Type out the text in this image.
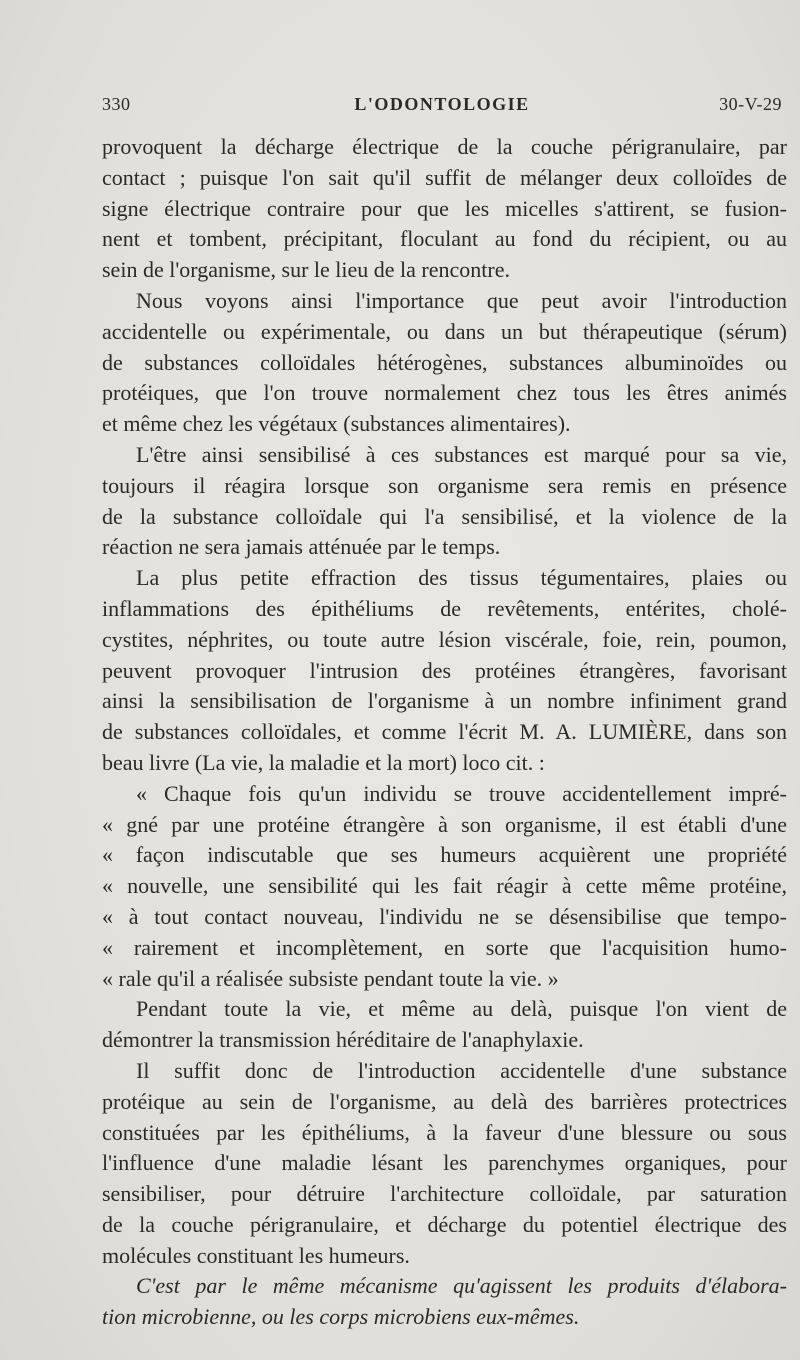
330	L'ODONTOLOGIE	30-V-29
provoquent la décharge électrique de la couche périgranulaire, par
contact ; puisque l'on sait qu'il suffit de mélanger deux colloïdes de
signe électrique contraire pour que les micelles s'attirent, se fusion-
nent et tombent, précipitant, floculant au fond du récipient, ou au
sein de l'organisme, sur le lieu de la rencontre.
Nous voyons ainsi l'importance que peut avoir l'introduction
accidentelle ou expérimentale, ou dans un but thérapeutique (sérum)
de substances colloïdales hétérogènes, substances albuminoïdes ou
protéiques, que l'on trouve normalement chez tous les êtres animés
et même chez les végétaux (substances alimentaires).
L'être ainsi sensibilisé à ces substances est marqué pour sa vie,
toujours il réagira lorsque son organisme sera remis en présence
de la substance colloïdale qui l'a sensibilisé, et la violence de la
réaction ne sera jamais atténuée par le temps.
La plus petite effraction des tissus tégumentaires, plaies ou
inflammations des épithéliums de revêtements, entérites, cholé-
cystites, néphrites, ou toute autre lésion viscérale, foie, rein, poumon,
peuvent provoquer l'intrusion des protéines étrangères, favorisant
ainsi la sensibilisation de l'organisme à un nombre infiniment grand
de substances colloïdales, et comme l'écrit M. A. LUMIÈRE, dans son
beau livre (La vie, la maladie et la mort) loco cit. :
« Chaque fois qu'un individu se trouve accidentellement impré-
« gné par une protéine étrangère à son organisme, il est établi d'une
« façon indiscutable que ses humeurs acquièrent une propriété
« nouvelle, une sensibilité qui les fait réagir à cette même protéine,
« à tout contact nouveau, l'individu ne se désensibilise que tempo-
« rairement et incomplètement, en sorte que l'acquisition humo-
« rale qu'il a réalisée subsiste pendant toute la vie. »
Pendant toute la vie, et même au delà, puisque l'on vient de
démontrer la transmission héréditaire de l'anaphylaxie.
Il suffit donc de l'introduction accidentelle d'une substance
protéique au sein de l'organisme, au delà des barrières protectrices
constituées par les épithéliums, à la faveur d'une blessure ou sous
l'influence d'une maladie lésant les parenchymes organiques, pour
sensibiliser, pour détruire l'architecture colloïdale, par saturation
de la couche périgranulaire, et décharge du potentiel électrique des
molécules constituant les humeurs.
C'est par le même mécanisme qu'agissent les produits d'élabora-
tion microbienne, ou les corps microbiens eux-mêmes.
